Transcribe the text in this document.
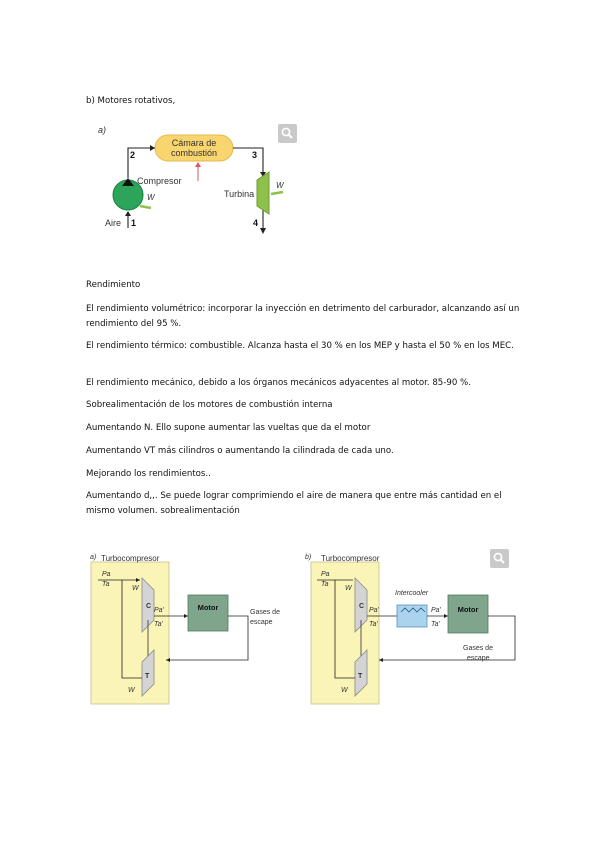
b) Motores rotativos,

a)
Cámara de
combustión
Compresor
W	Turbina
W
Aire 1
2	3
4

Rendimiento

El rendimiento volumétrico: incorporar la inyección en detrimento del carburador, alcanzando así un rendimiento del 95 %.

El rendimiento térmico: combustible. Alcanza hasta el 30 % en los MEP y hasta el 50 % en los MEC.

El rendimiento mecánico, debido a los órganos mecánicos adyacentes al motor. 85-90 %.

Sobrealimentación de los motores de combustión interna

Aumentando N. Ello supone aumentar las vueltas que da el motor

Aumentando VT más cilindros o aumentando la cilindrada de cada uno.

Mejorando los rendimientos..

Aumentando d,,. Se puede lograr comprimiendo el aire de manera que entre más cantidad en el mismo volumen. sobrealimentación

a) Turbocompresor
Pa
Ta
W
C
Pa'
Ta'
Motor
Gases de
escape
T
W
b) Turbocompresor
Pa
Ta
W
C
Pa'
Ta'
Intercooler
Pa'
Ta'
Motor
Gases de
escape
T
W
